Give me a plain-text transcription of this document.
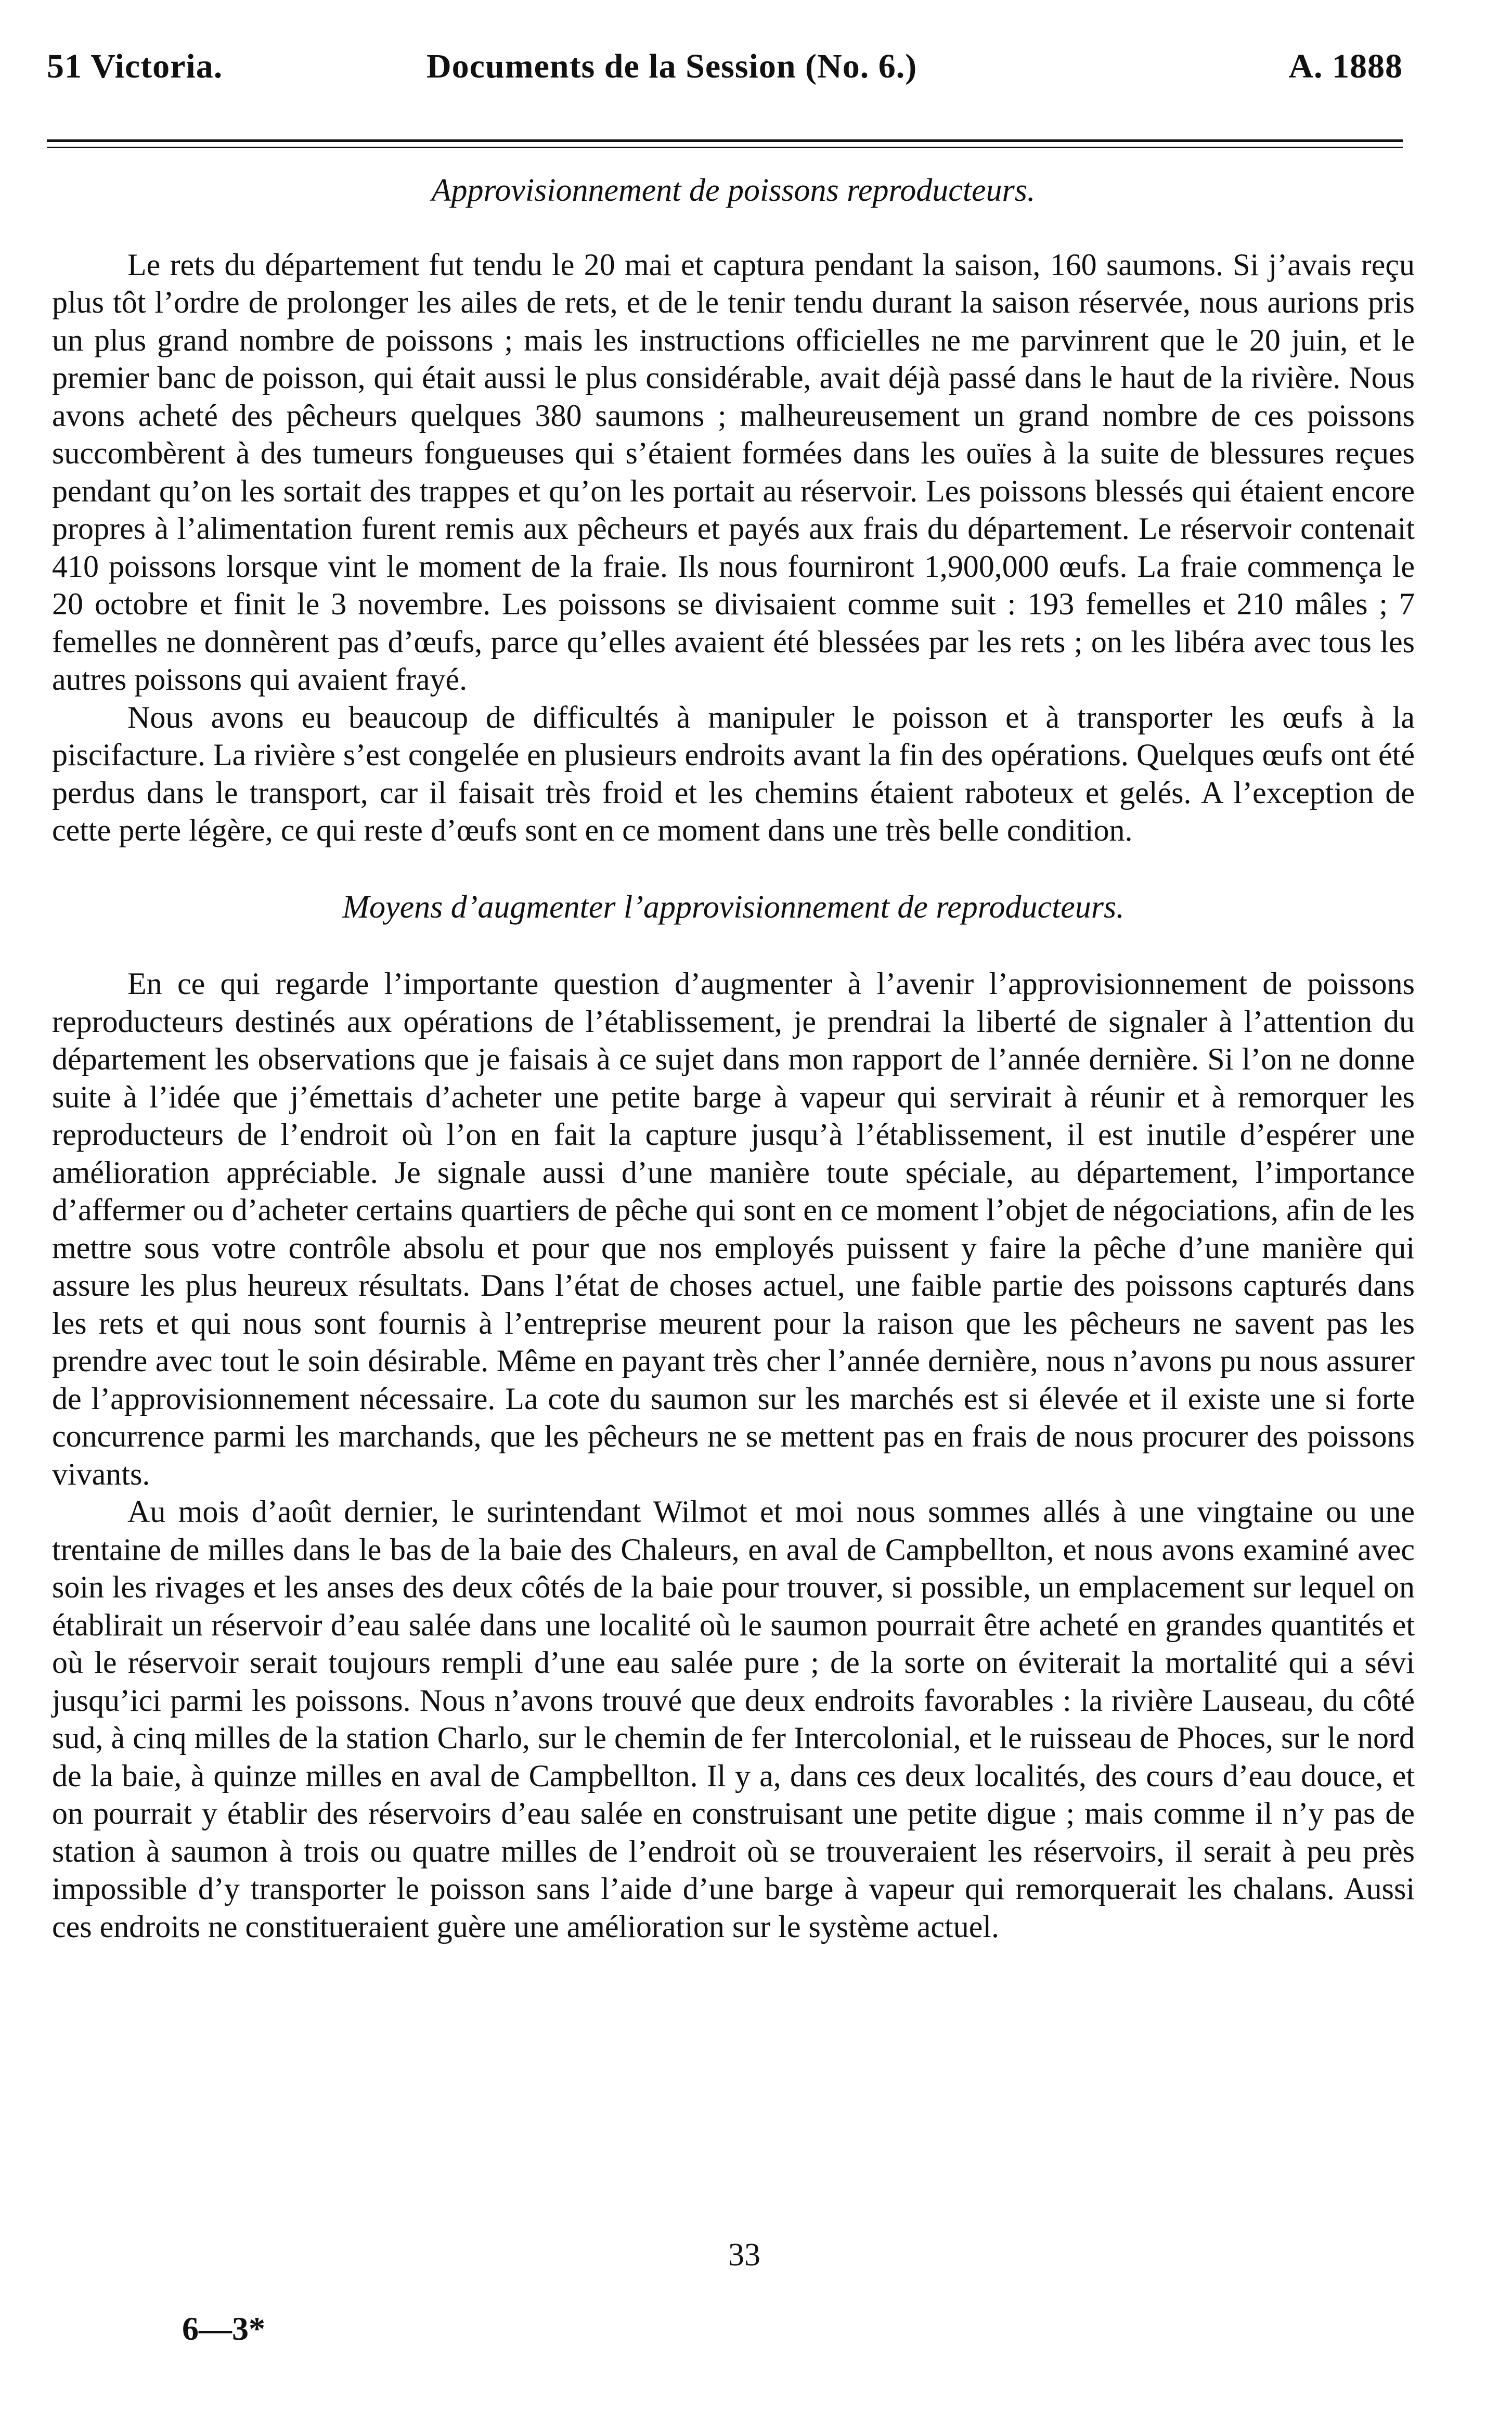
51 Victoria.	Documents de la Session (No. 6.)	A. 1888

Approvisionnement de poissons reproducteurs.

Le rets du département fut tendu le 20 mai et captura pendant la saison, 160 saumons. Si j’avais reçu plus tôt l’ordre de prolonger les ailes de rets, et de le tenir tendu durant la saison réservée, nous aurions pris un plus grand nombre de poissons ; mais les instructions officielles ne me parvinrent que le 20 juin, et le premier banc de poisson, qui était aussi le plus considérable, avait déjà passé dans le haut de la rivière. Nous avons acheté des pêcheurs quelques 380 saumons ; malheureusement un grand nombre de ces poissons succombèrent à des tumeurs fongueuses qui s’étaient formées dans les ouïes à la suite de blessures reçues pendant qu’on les sortait des trappes et qu’on les portait au réservoir. Les poissons blessés qui étaient encore propres à l’alimentation furent remis aux pêcheurs et payés aux frais du département. Le réservoir contenait 410 poissons lorsque vint le moment de la fraie. Ils nous fourniront 1,900,000 œufs. La fraie commença le 20 octobre et finit le 3 novembre. Les poissons se divisaient comme suit : 193 femelles et 210 mâles ; 7 femelles ne donnèrent pas d’œufs, parce qu’elles avaient été blessées par les rets ; on les libéra avec tous les autres poissons qui avaient frayé.

Nous avons eu beaucoup de difficultés à manipuler le poisson et à transporter les œufs à la piscifacture. La rivière s’est congelée en plusieurs endroits avant la fin des opérations. Quelques œufs ont été perdus dans le transport, car il faisait très froid et les chemins étaient raboteux et gelés. A l’exception de cette perte légère, ce qui reste d’œufs sont en ce moment dans une très belle condition.

Moyens d’augmenter l’approvisionnement de reproducteurs.

En ce qui regarde l’importante question d’augmenter à l’avenir l’approvisionnement de poissons reproducteurs destinés aux opérations de l’établissement, je prendrai la liberté de signaler à l’attention du département les observations que je faisais à ce sujet dans mon rapport de l’année dernière. Si l’on ne donne suite à l’idée que j’émettais d’acheter une petite barge à vapeur qui servirait à réunir et à remorquer les reproducteurs de l’endroit où l’on en fait la capture jusqu’à l’établissement, il est inutile d’espérer une amélioration appréciable. Je signale aussi d’une manière toute spéciale, au département, l’importance d’affermer ou d’acheter certains quartiers de pêche qui sont en ce moment l’objet de négociations, afin de les mettre sous votre contrôle absolu et pour que nos employés puissent y faire la pêche d’une manière qui assure les plus heureux résultats. Dans l’état de choses actuel, une faible partie des poissons capturés dans les rets et qui nous sont fournis à l’entreprise meurent pour la raison que les pêcheurs ne savent pas les prendre avec tout le soin désirable. Même en payant très cher l’année dernière, nous n’avons pu nous assurer de l’approvisionnement nécessaire. La cote du saumon sur les marchés est si élevée et il existe une si forte concurrence parmi les marchands, que les pêcheurs ne se mettent pas en frais de nous procurer des poissons vivants.

Au mois d’août dernier, le surintendant Wilmot et moi nous sommes allés à une vingtaine ou une trentaine de milles dans le bas de la baie des Chaleurs, en aval de Campbellton, et nous avons examiné avec soin les rivages et les anses des deux côtés de la baie pour trouver, si possible, un emplacement sur lequel on établirait un réservoir d’eau salée dans une localité où le saumon pourrait être acheté en grandes quantités et où le réservoir serait toujours rempli d’une eau salée pure ; de la sorte on éviterait la mortalité qui a sévi jusqu’ici parmi les poissons. Nous n’avons trouvé que deux endroits favorables : la rivière Lauseau, du côté sud, à cinq milles de la station Charlo, sur le chemin de fer Intercolonial, et le ruisseau de Phoces, sur le nord de la baie, à quinze milles en aval de Campbellton. Il y a, dans ces deux localités, des cours d’eau douce, et on pourrait y établir des réservoirs d’eau salée en construisant une petite digue ; mais comme il n’y pas de station à saumon à trois ou quatre milles de l’endroit où se trouveraient les réservoirs, il serait à peu près impossible d’y transporter le poisson sans l’aide d’une barge à vapeur qui remorquerait les chalans. Aussi ces endroits ne constitueraient guère une amélioration sur le système actuel.

33
6—3*
